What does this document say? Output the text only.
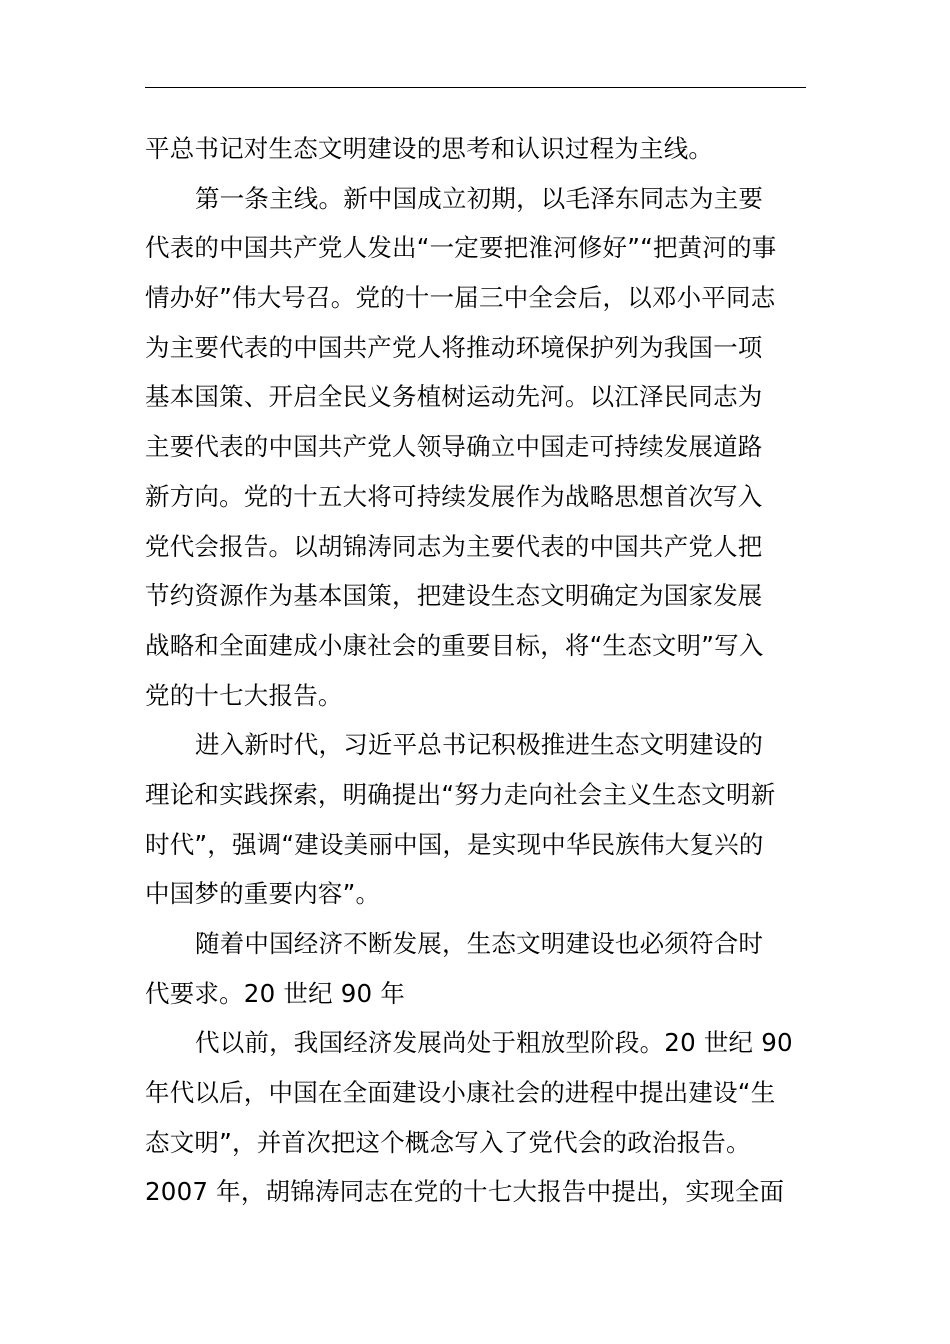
平总书记对生态文明建设的思考和认识过程为主线。
第一条主线。新中国成立初期，以毛泽东同志为主要
代表的中国共产党人发出“一定要把淮河修好”“把黄河的事
情办好”伟大号召。党的十一届三中全会后，以邓小平同志
为主要代表的中国共产党人将推动环境保护列为我国一项
基本国策、开启全民义务植树运动先河。以江泽民同志为
主要代表的中国共产党人领导确立中国走可持续发展道路
新方向。党的十五大将可持续发展作为战略思想首次写入
党代会报告。以胡锦涛同志为主要代表的中国共产党人把
节约资源作为基本国策，把建设生态文明确定为国家发展
战略和全面建成小康社会的重要目标，将“生态文明”写入
党的十七大报告。
进入新时代，习近平总书记积极推进生态文明建设的
理论和实践探索，明确提出“努力走向社会主义生态文明新
时代”，强调“建设美丽中国，是实现中华民族伟大复兴的
中国梦的重要内容”。
随着中国经济不断发展，生态文明建设也必须符合时
代要求。20 世纪 90 年
代以前，我国经济发展尚处于粗放型阶段。20 世纪 90
年代以后，中国在全面建设小康社会的进程中提出建设“生
态文明”，并首次把这个概念写入了党代会的政治报告。
2007 年，胡锦涛同志在党的十七大报告中提出，实现全面
